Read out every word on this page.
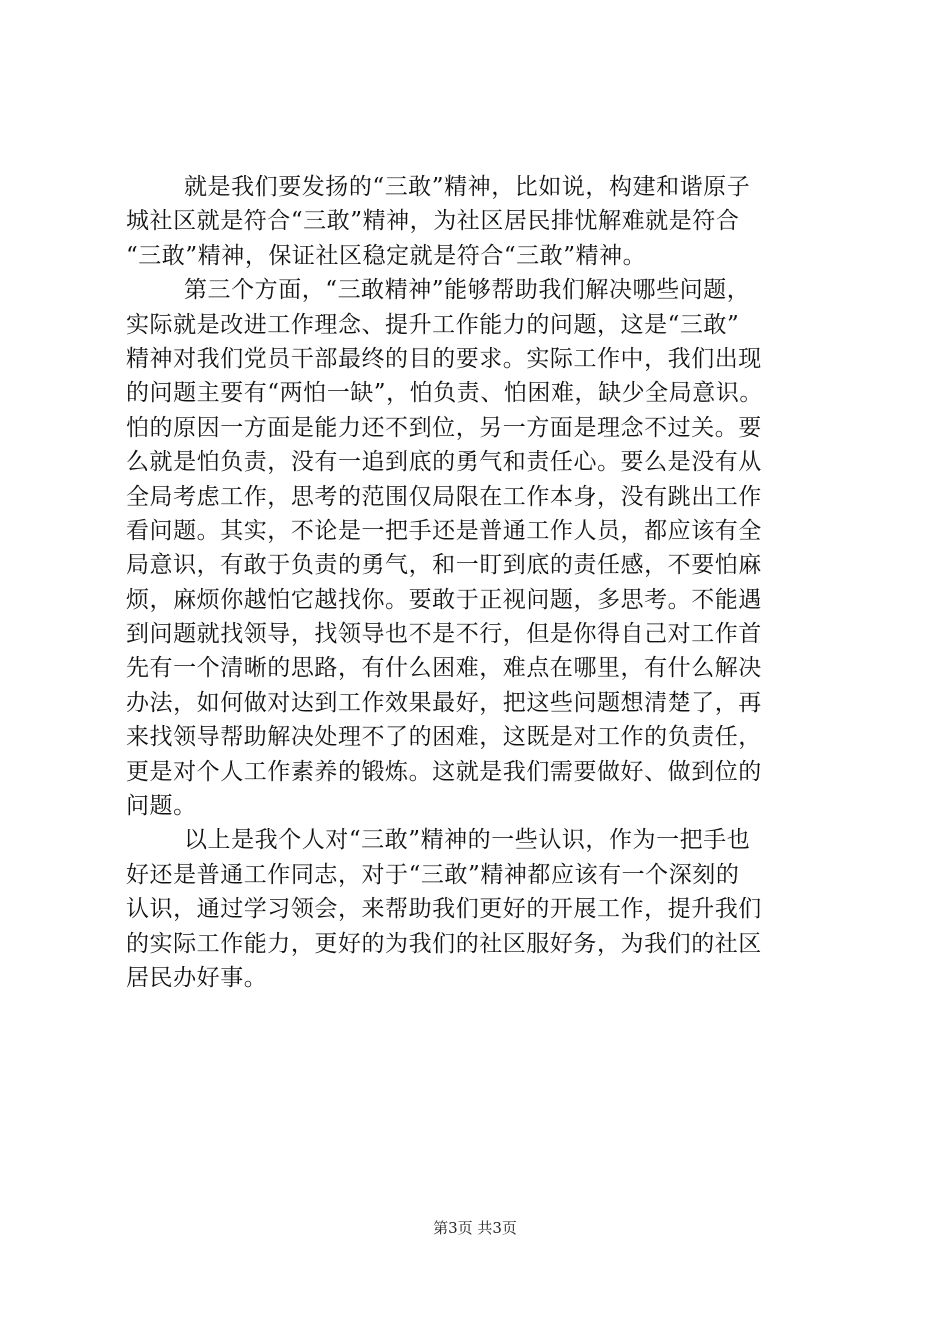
就是我们要发扬的“三敢”精神，比如说，构建和谐原子
城社区就是符合“三敢”精神，为社区居民排忧解难就是符合
“三敢”精神，保证社区稳定就是符合“三敢”精神。
第三个方面，“三敢精神”能够帮助我们解决哪些问题，
实际就是改进工作理念、提升工作能力的问题，这是“三敢”
精神对我们党员干部最终的目的要求。实际工作中，我们出现
的问题主要有“两怕一缺”，怕负责、怕困难，缺少全局意识。
怕的原因一方面是能力还不到位，另一方面是理念不过关。要
么就是怕负责，没有一追到底的勇气和责任心。要么是没有从
全局考虑工作，思考的范围仅局限在工作本身，没有跳出工作
看问题。其实，不论是一把手还是普通工作人员，都应该有全
局意识，有敢于负责的勇气，和一盯到底的责任感，不要怕麻
烦，麻烦你越怕它越找你。要敢于正视问题，多思考。不能遇
到问题就找领导，找领导也不是不行，但是你得自己对工作首
先有一个清晰的思路，有什么困难，难点在哪里，有什么解决
办法，如何做对达到工作效果最好，把这些问题想清楚了，再
来找领导帮助解决处理不了的困难，这既是对工作的负责任，
更是对个人工作素养的锻炼。这就是我们需要做好、做到位的
问题。
以上是我个人对“三敢”精神的一些认识，作为一把手也
好还是普通工作同志，对于“三敢”精神都应该有一个深刻的
认识，通过学习领会，来帮助我们更好的开展工作，提升我们
的实际工作能力，更好的为我们的社区服好务，为我们的社区
居民办好事。
第3页 共3页
